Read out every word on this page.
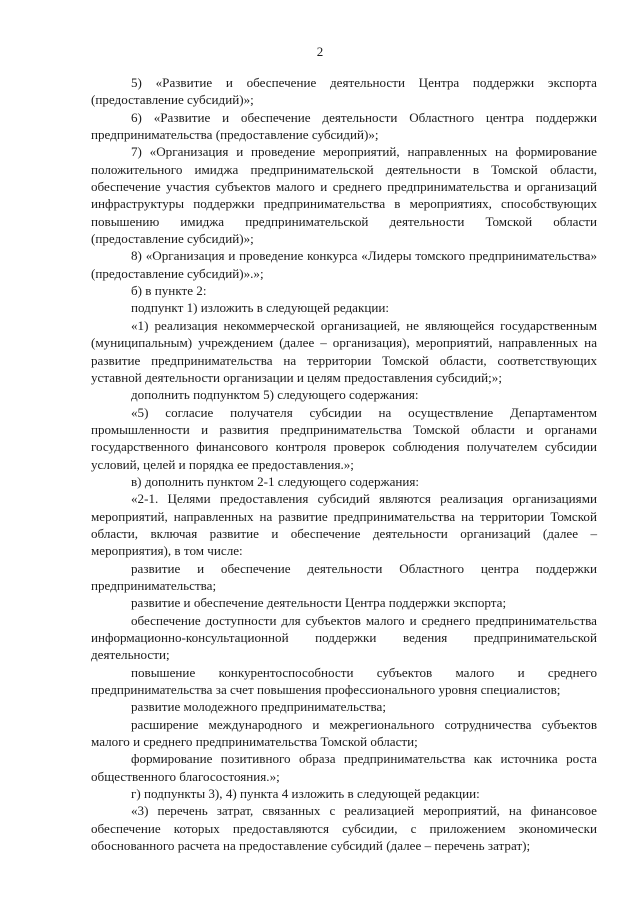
2

5) «Развитие и обеспечение деятельности Центра поддержки экспорта (предоставление субсидий)»;

6) «Развитие и обеспечение деятельности Областного центра поддержки предпринимательства (предоставление субсидий)»;

7) «Организация и проведение мероприятий, направленных на формирование положительного имиджа предпринимательской деятельности в Томской области, обеспечение участия субъектов малого и среднего предпринимательства и организаций инфраструктуры поддержки предпринимательства в мероприятиях, способствующих повышению имиджа предпринимательской деятельности Томской области (предоставление субсидий)»;

8) «Организация и проведение конкурса «Лидеры томского предпринимательства» (предоставление субсидий)».»;

б) в пункте 2:

подпункт 1) изложить в следующей редакции:

«1) реализация некоммерческой организацией, не являющейся государственным (муниципальным) учреждением (далее – организация), мероприятий, направленных на развитие предпринимательства на территории Томской области, соответствующих уставной деятельности организации и целям предоставления субсидий;»;

дополнить подпунктом 5) следующего содержания:

«5) согласие получателя субсидии на осуществление Департаментом промышленности и развития предпринимательства Томской области и органами государственного финансового контроля проверок соблюдения получателем субсидии условий, целей и порядка ее предоставления.»;

в) дополнить пунктом 2-1 следующего содержания:

«2-1. Целями предоставления субсидий являются реализация организациями мероприятий, направленных на развитие предпринимательства на территории Томской области, включая развитие и обеспечение деятельности организаций (далее – мероприятия), в том числе:

развитие и обеспечение деятельности Областного центра поддержки предпринимательства;

развитие и обеспечение деятельности Центра поддержки экспорта;

обеспечение доступности для субъектов малого и среднего предпринимательства информационно-консультационной поддержки ведения предпринимательской деятельности;

повышение конкурентоспособности субъектов малого и среднего предпринимательства за счет повышения профессионального уровня специалистов;

развитие молодежного предпринимательства;

расширение международного и межрегионального сотрудничества субъектов малого и среднего предпринимательства Томской области;

формирование позитивного образа предпринимательства как источника роста общественного благосостояния.»;

г) подпункты 3), 4) пункта 4 изложить в следующей редакции:

«3) перечень затрат, связанных с реализацией мероприятий, на финансовое обеспечение которых предоставляются субсидии, с приложением экономически обоснованного расчета на предоставление субсидий (далее – перечень затрат);
